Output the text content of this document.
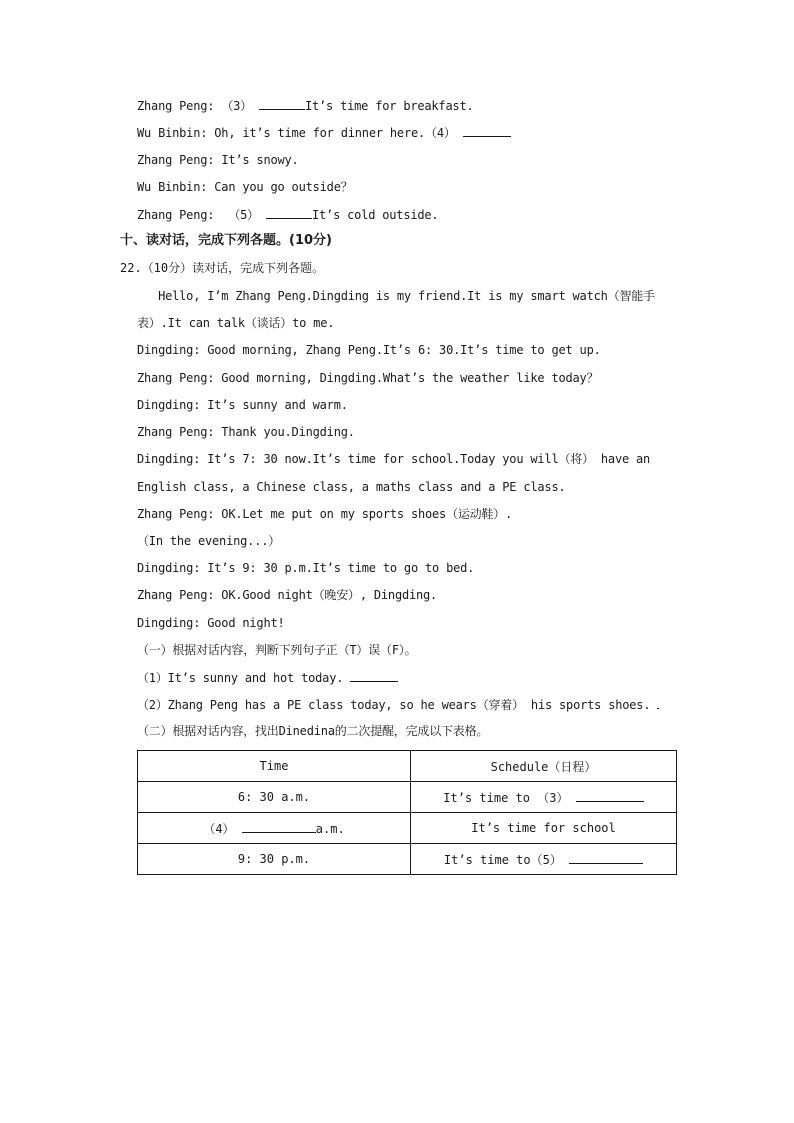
Zhang Peng: （3）	It’s time for breakfast.
Wu Binbin: Oh, it’s time for dinner here.（4）
Zhang Peng: It’s snowy.
Wu Binbin: Can you go outside？
Zhang Peng:  （5）	It’s cold outside.
十、读对话，完成下列各题。(10分)
22.（10分）读对话，完成下列各题。
Hello, I’m Zhang Peng.Dingding is my friend.It is my smart watch（智能手
表）.It can talk（谈话）to me.
Dingding: Good morning, Zhang Peng.It’s 6: 30.It’s time to get up.
Zhang Peng: Good morning, Dingding.What’s the weather like today？
Dingding: It’s sunny and warm.
Zhang Peng: Thank you.Dingding.
Dingding: It’s 7: 30 now.It’s time for school.Today you will（将） have an
English class, a Chinese class, a maths class and a PE class.
Zhang Peng: OK.Let me put on my sports shoes（运动鞋）.
（In the evening...）
Dingding: It’s 9: 30 p.m.It’s time to go to bed.
Zhang Peng: OK.Good night（晚安）, Dingding.
Dingding: Good night!
（一）根据对话内容，判断下列句子正（T）误（F）。
（1）It’s sunny and hot today.
（2）Zhang Peng has a PE class today, so he wears（穿着） his sports shoes.
（二）根据对话内容，找出Dinedina的二次提醒，完成以下表格。
Time	Schedule（日程）
6: 30 a.m.	It’s time to （3）
（4） a.m.	It’s time for school
9: 30 p.m.	It’s time to（5）
